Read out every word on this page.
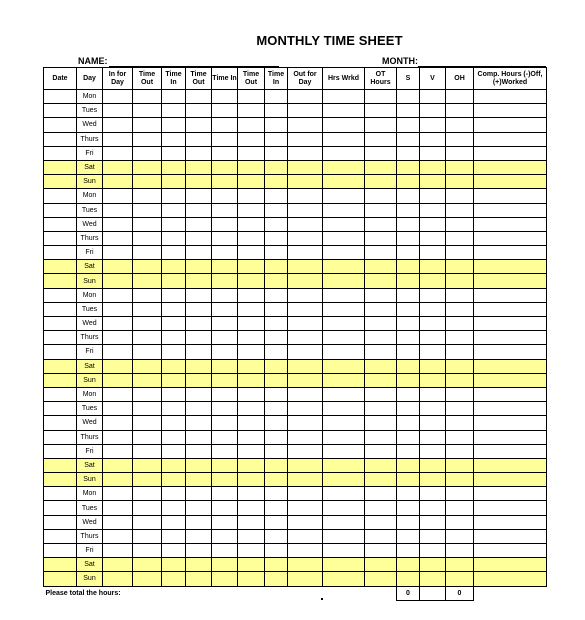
MONTHLY TIME SHEET
NAME:	MONTH:
Date	Day	In for Day	Time Out	Time In	Time Out	Time In	Time Out	Time In	Out for Day	Hrs Wrkd	OT Hours	S	V	OH	Comp. Hours (-)Off, (+)Worked
	Mon														
	Tues														
	Wed														
	Thurs														
	Fri														
	Sat														
	Sun														
	Mon														
	Tues														
	Wed														
	Thurs														
	Fri														
	Sat														
	Sun														
	Mon														
	Tues														
	Wed														
	Thurs														
	Fri														
	Sat														
	Sun														
	Mon														
	Tues														
	Wed														
	Thurs														
	Fri														
	Sat														
	Sun														
	Mon														
	Tues														
	Wed														
	Thurs														
	Fri														
	Sat														
	Sun														
Please total the hours:												0		0	
